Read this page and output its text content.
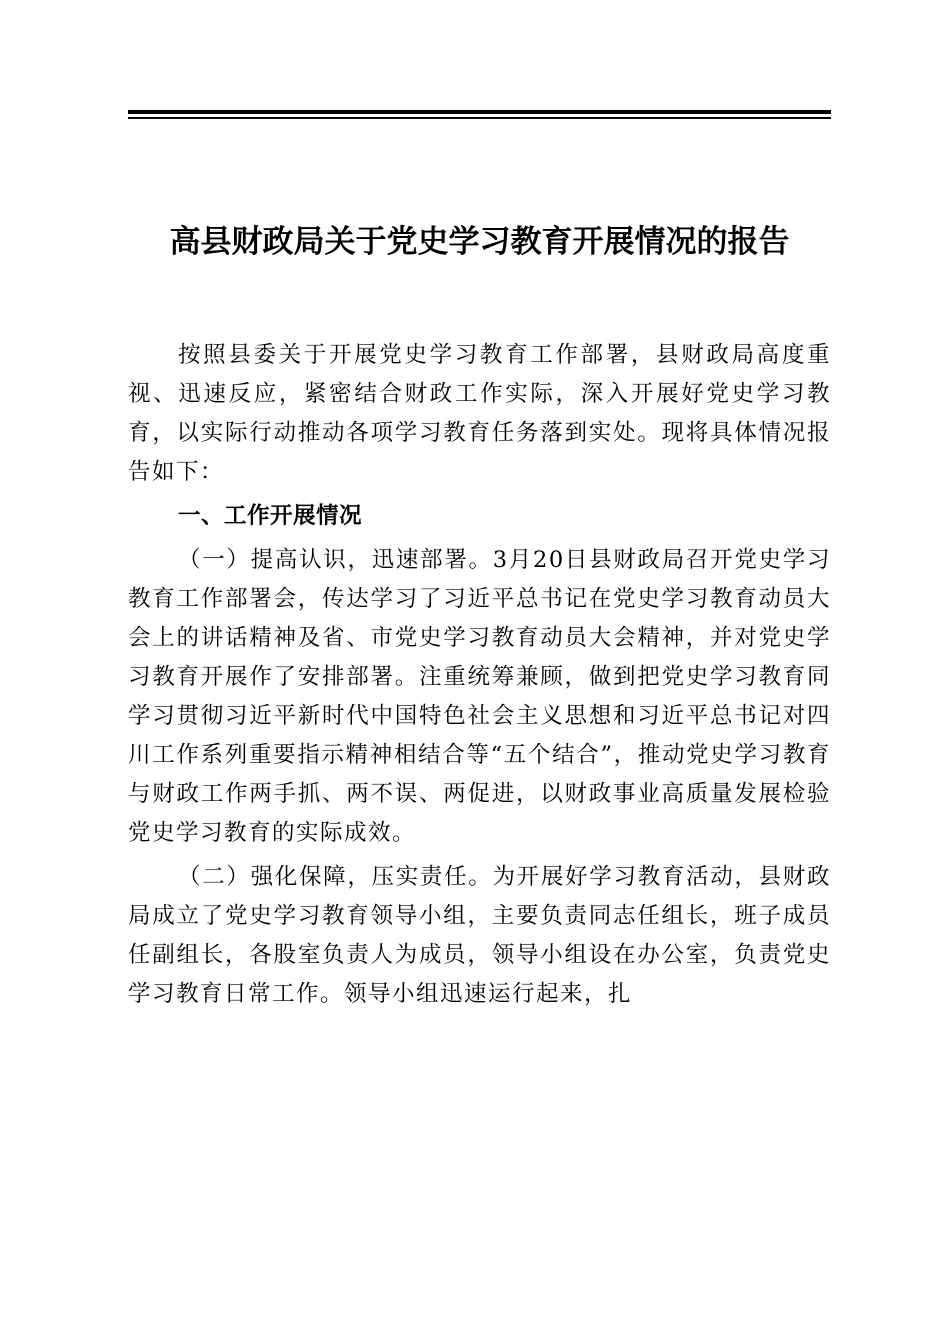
高县财政局关于党史学习教育开展情况的报告

按照县委关于开展党史学习教育工作部署，县财政局高度重视、迅速反应，紧密结合财政工作实际，深入开展好党史学习教育，以实际行动推动各项学习教育任务落到实处。现将具体情况报告如下：

一、工作开展情况

（一）提高认识，迅速部署。3月20日县财政局召开党史学习教育工作部署会，传达学习了习近平总书记在党史学习教育动员大会上的讲话精神及省、市党史学习教育动员大会精神，并对党史学习教育开展作了安排部署。注重统筹兼顾，做到把党史学习教育同学习贯彻习近平新时代中国特色社会主义思想和习近平总书记对四川工作系列重要指示精神相结合等“五个结合”，推动党史学习教育与财政工作两手抓、两不误、两促进，以财政事业高质量发展检验党史学习教育的实际成效。

（二）强化保障，压实责任。为开展好学习教育活动，县财政局成立了党史学习教育领导小组，主要负责同志任组长，班子成员任副组长，各股室负责人为成员，领导小组设在办公室，负责党史学习教育日常工作。领导小组迅速运行起来，扎
